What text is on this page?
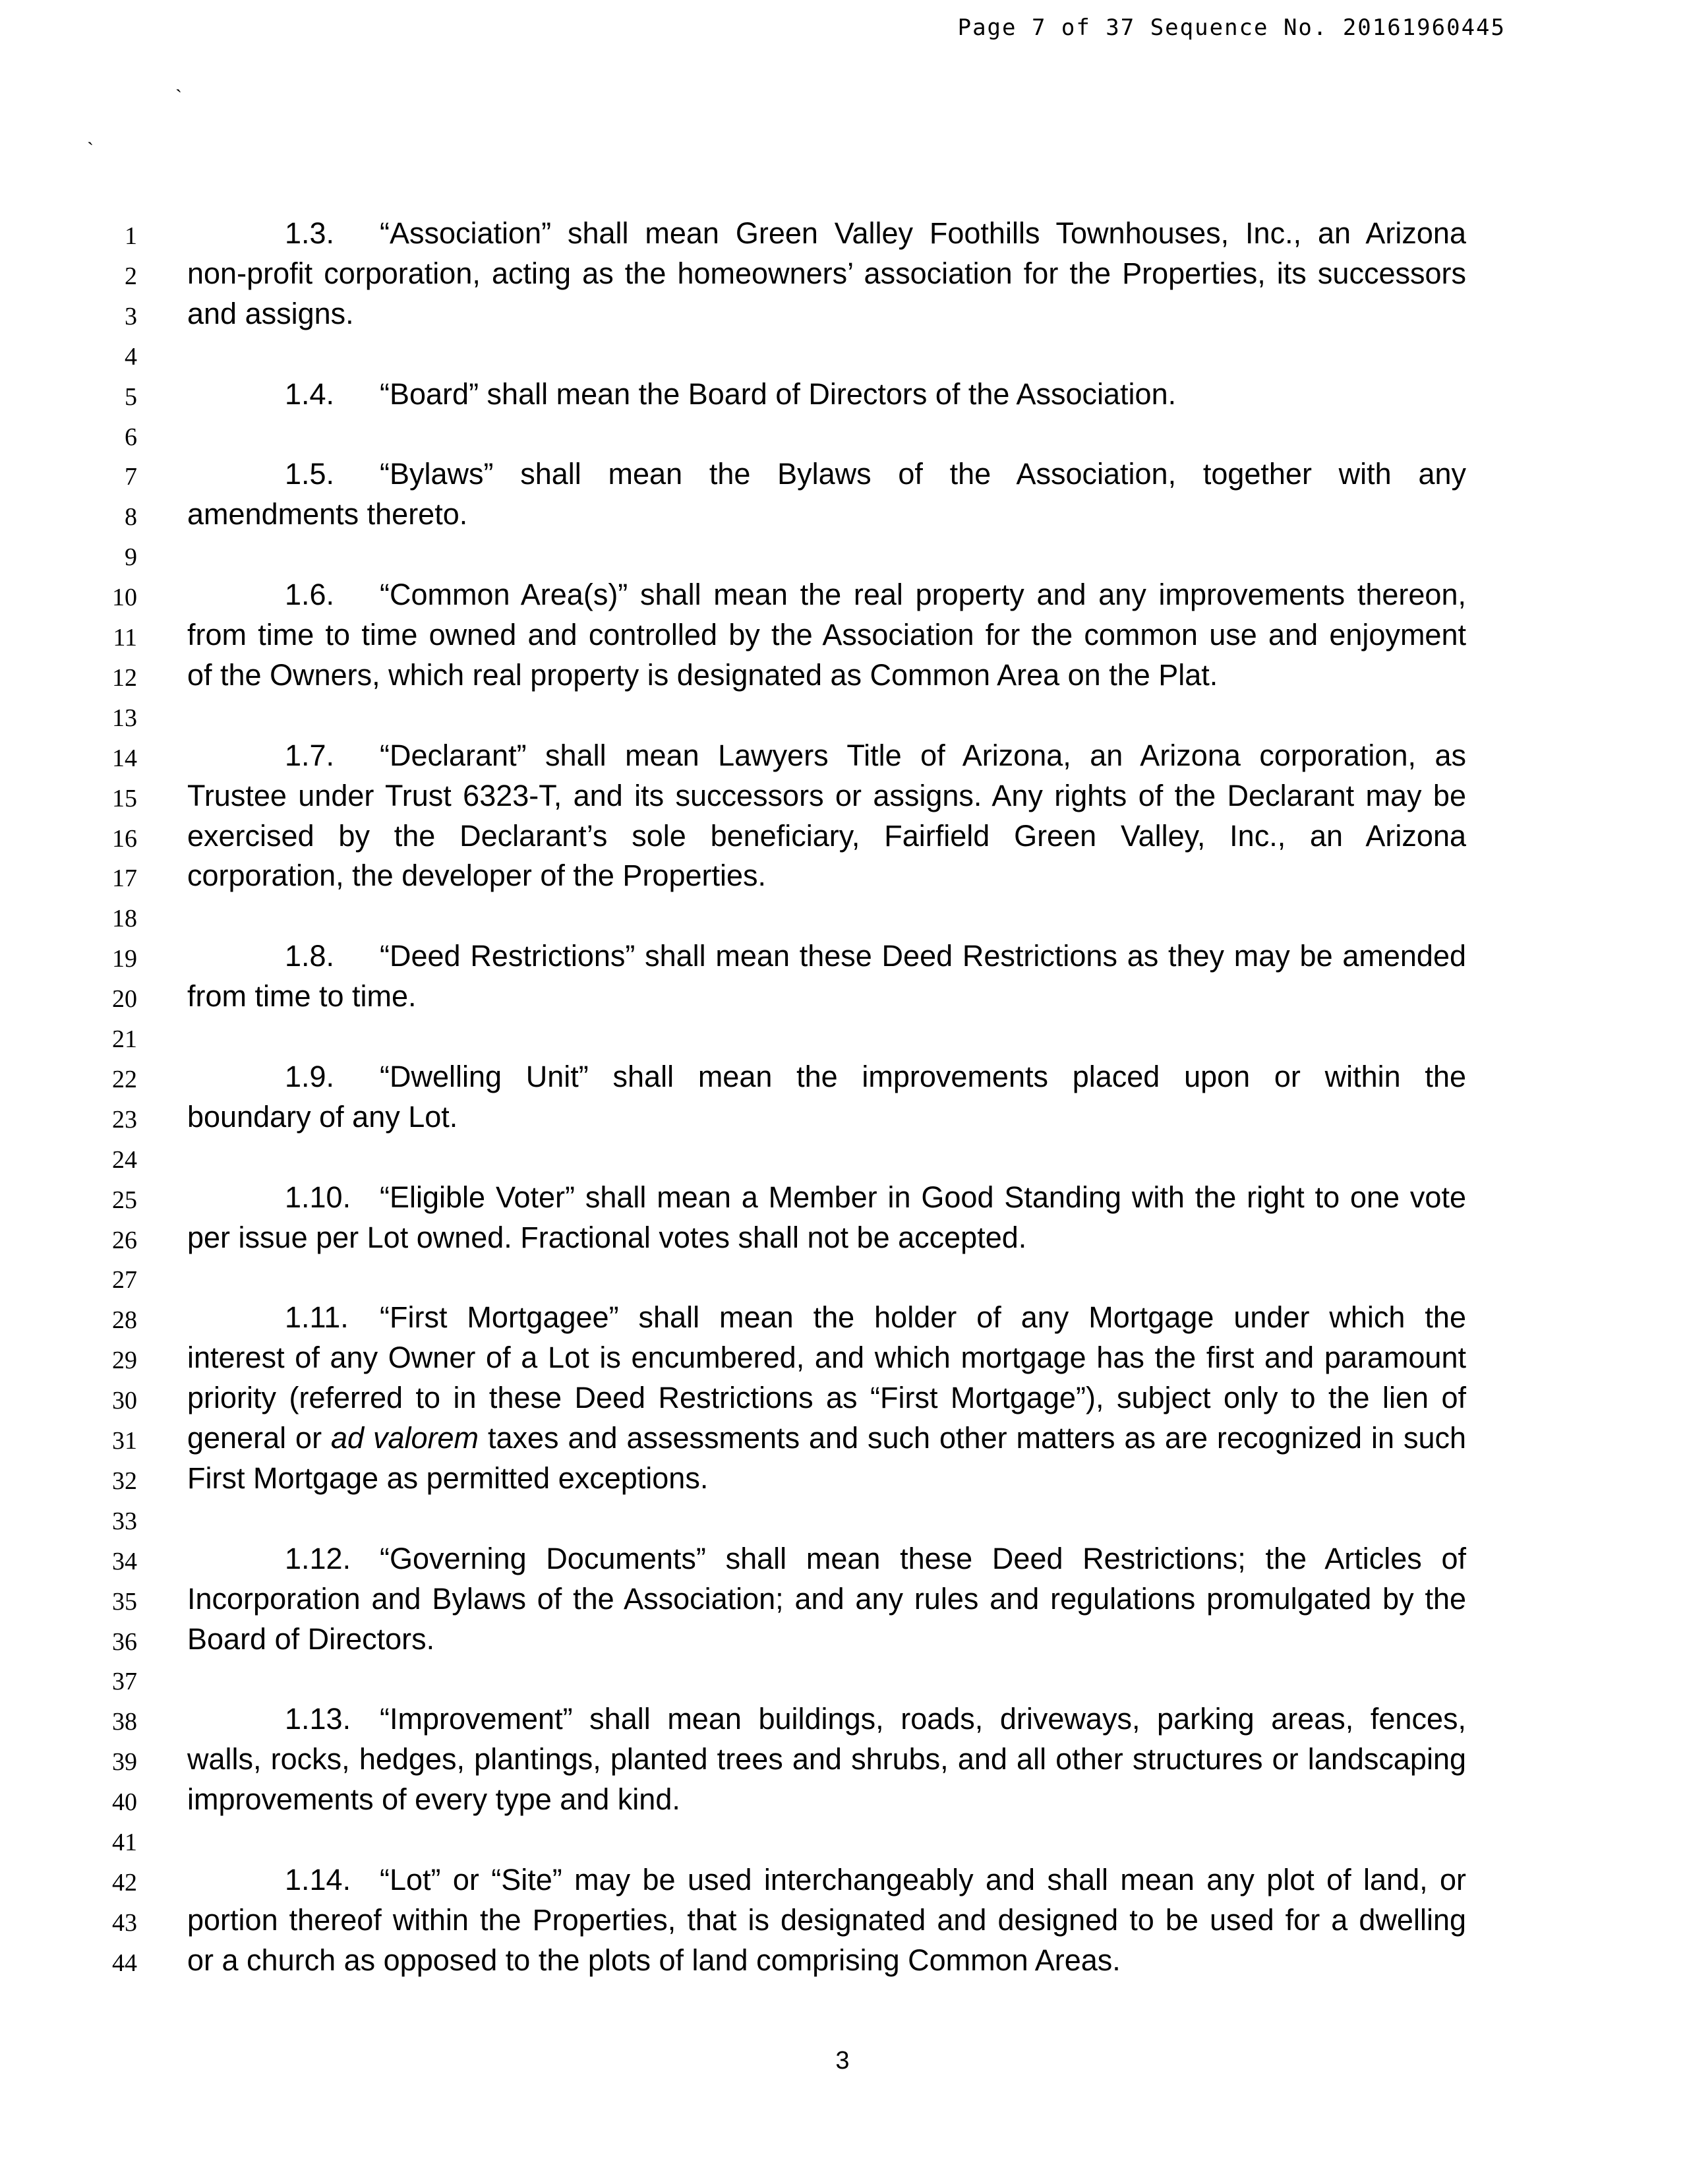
Page 7 of 37 Sequence No. 20161960445
`
`
1
2
3
4
5
6
7
8
9
10
11
12
13
14
15
16
17
18
19
20
21
22
23
24
25
26
27
28
29
30
31
32
33
34
35
36
37
38
39
40
41
42
43
44
1.3. “Association” shall mean Green Valley Foothills Townhouses, Inc., an Arizona
non-profit corporation, acting as the homeowners’ association for the Properties, its successors
and assigns.
1.4. “Board” shall mean the Board of Directors of the Association.
1.5. “Bylaws” shall mean the Bylaws of the Association, together with any
amendments thereto.
1.6. “Common Area(s)” shall mean the real property and any improvements thereon,
from time to time owned and controlled by the Association for the common use and enjoyment
of the Owners, which real property is designated as Common Area on the Plat.
1.7. “Declarant” shall mean Lawyers Title of Arizona, an Arizona corporation, as
Trustee under Trust 6323-T, and its successors or assigns. Any rights of the Declarant may be
exercised by the Declarant’s sole beneficiary, Fairfield Green Valley, Inc., an Arizona
corporation, the developer of the Properties.
1.8. “Deed Restrictions” shall mean these Deed Restrictions as they may be amended
from time to time.
1.9. “Dwelling Unit” shall mean the improvements placed upon or within the
boundary of any Lot.
1.10. “Eligible Voter” shall mean a Member in Good Standing with the right to one vote
per issue per Lot owned. Fractional votes shall not be accepted.
1.11. “First Mortgagee” shall mean the holder of any Mortgage under which the
interest of any Owner of a Lot is encumbered, and which mortgage has the first and paramount
priority (referred to in these Deed Restrictions as “First Mortgage”), subject only to the lien of
general or ad valorem taxes and assessments and such other matters as are recognized in such
First Mortgage as permitted exceptions.
1.12. “Governing Documents” shall mean these Deed Restrictions; the Articles of
Incorporation and Bylaws of the Association; and any rules and regulations promulgated by the
Board of Directors.
1.13. “Improvement” shall mean buildings, roads, driveways, parking areas, fences,
walls, rocks, hedges, plantings, planted trees and shrubs, and all other structures or landscaping
improvements of every type and kind.
1.14. “Lot” or “Site” may be used interchangeably and shall mean any plot of land, or
portion thereof within the Properties, that is designated and designed to be used for a dwelling
or a church as opposed to the plots of land comprising Common Areas.
3
